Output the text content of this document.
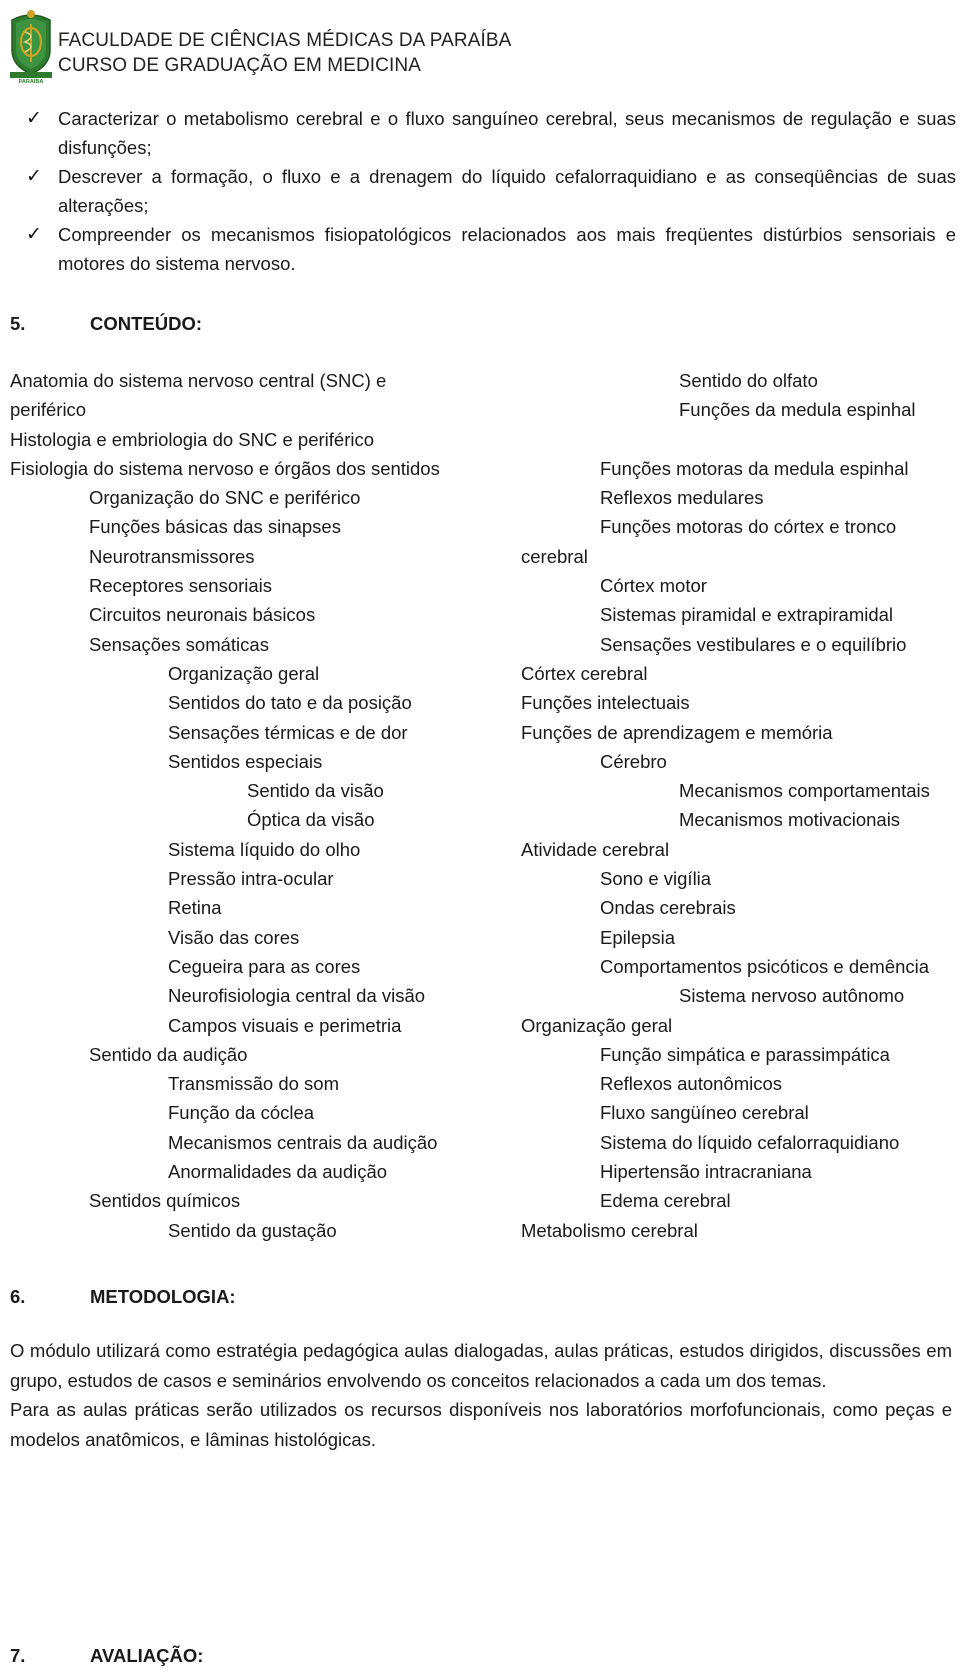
PARAÍBA
FACULDADE DE CIÊNCIAS MÉDICAS DA PARAÍBA
CURSO DE GRADUAÇÃO EM MEDICINA
✓ Caracterizar o metabolismo cerebral e o fluxo sanguíneo cerebral, seus mecanismos de regulação e suas disfunções;
✓ Descrever a formação, o fluxo e a drenagem do líquido cefalorraquidiano e as conseqüências de suas alterações;
✓ Compreender os mecanismos fisiopatológicos relacionados aos mais freqüentes distúrbios sensoriais e motores do sistema nervoso.
5.	CONTEÚDO:
Anatomia do sistema nervoso central (SNC) e
periférico
Histologia e embriologia do SNC e periférico
Fisiologia do sistema nervoso e órgãos dos sentidos
Organização do SNC e periférico
Funções básicas das sinapses
Neurotransmissores
Receptores sensoriais
Circuitos neuronais básicos
Sensações somáticas
Organização geral
Sentidos do tato e da posição
Sensações térmicas e de dor
Sentidos especiais
Sentido da visão
Óptica da visão
Sistema líquido do olho
Pressão intra-ocular
Retina
Visão das cores
Cegueira para as cores
Neurofisiologia central da visão
Campos visuais e perimetria
Sentido da audição
Transmissão do som
Função da cóclea
Mecanismos centrais da audição
Anormalidades da audição
Sentidos químicos
Sentido da gustação
Sentido do olfato
Funções da medula espinhal
Funções motoras da medula espinhal
Reflexos medulares
Funções motoras do córtex e tronco
cerebral
Córtex motor
Sistemas piramidal e extrapiramidal
Sensações vestibulares e o equilíbrio
Córtex cerebral
Funções intelectuais
Funções de aprendizagem e memória
Cérebro
Mecanismos comportamentais
Mecanismos motivacionais
Atividade cerebral
Sono e vigília
Ondas cerebrais
Epilepsia
Comportamentos psicóticos e demência
Sistema nervoso autônomo
Organização geral
Função simpática e parassimpática
Reflexos autonômicos
Fluxo sangüíneo cerebral
Sistema do líquido cefalorraquidiano
Hipertensão intracraniana
Edema cerebral
Metabolismo cerebral
6.	METODOLOGIA:

O módulo utilizará como estratégia pedagógica aulas dialogadas, aulas práticas, estudos dirigidos, discussões em grupo, estudos de casos e seminários envolvendo os conceitos relacionados a cada um dos temas.

Para as aulas práticas serão utilizados os recursos disponíveis nos laboratórios morfofuncionais, como peças e modelos anatômicos, e lâminas histológicas.

7.	AVALIAÇÃO:
